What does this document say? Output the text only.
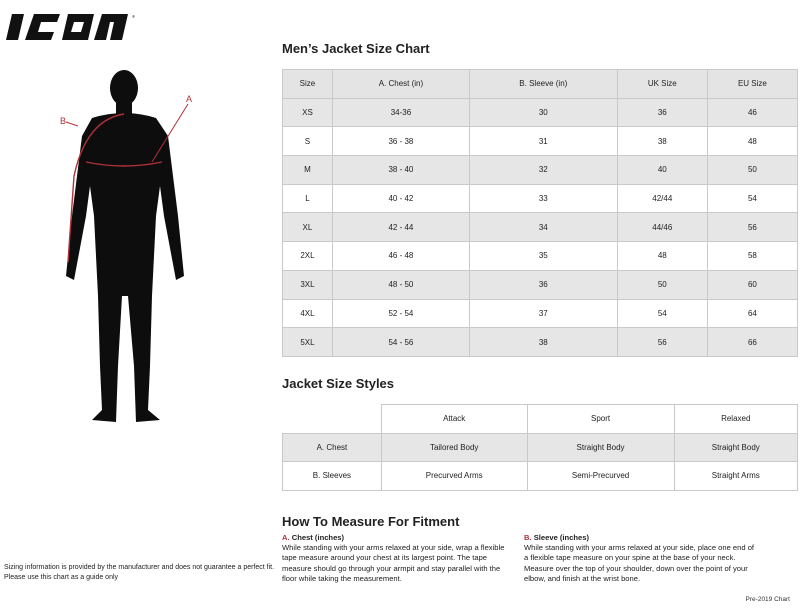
®
A
B
Men’s Jacket Size Chart
Size	A. Chest (in)	B. Sleeve (in)	UK Size	EU Size
XS	34-36	30	36	46
S	36 - 38	31	38	48
M	38 - 40	32	40	50
L	40 - 42	33	42/44	54
XL	42 - 44	34	44/46	56
2XL	46 - 48	35	48	58
3XL	48 - 50	36	50	60
4XL	52 - 54	37	54	64
5XL	54 - 56	38	56	66
Jacket Size Styles
	Attack	Sport	Relaxed
A. Chest	Tailored Body	Straight Body	Straight Body
B. Sleeves	Precurved Arms	Semi-Precurved	Straight Arms
How To Measure For Fitment
A. Chest (inches)
While standing with your arms relaxed at your side, wrap a flexible tape measure around your chest at its largest point. The tape measure should go through your armpit and stay parallel with the floor while taking the measurement.
B. Sleeve (inches)
While standing with your arms relaxed at your side, place one end of a flexible tape measure on your spine at the base of your neck. Measure over the top of your shoulder, down over the point of your elbow, and finish at the wrist bone.
Sizing information is provided by the manufacturer and does not guarantee a perfect fit.
Please use this chart as a guide only
Pre-2019 Chart
